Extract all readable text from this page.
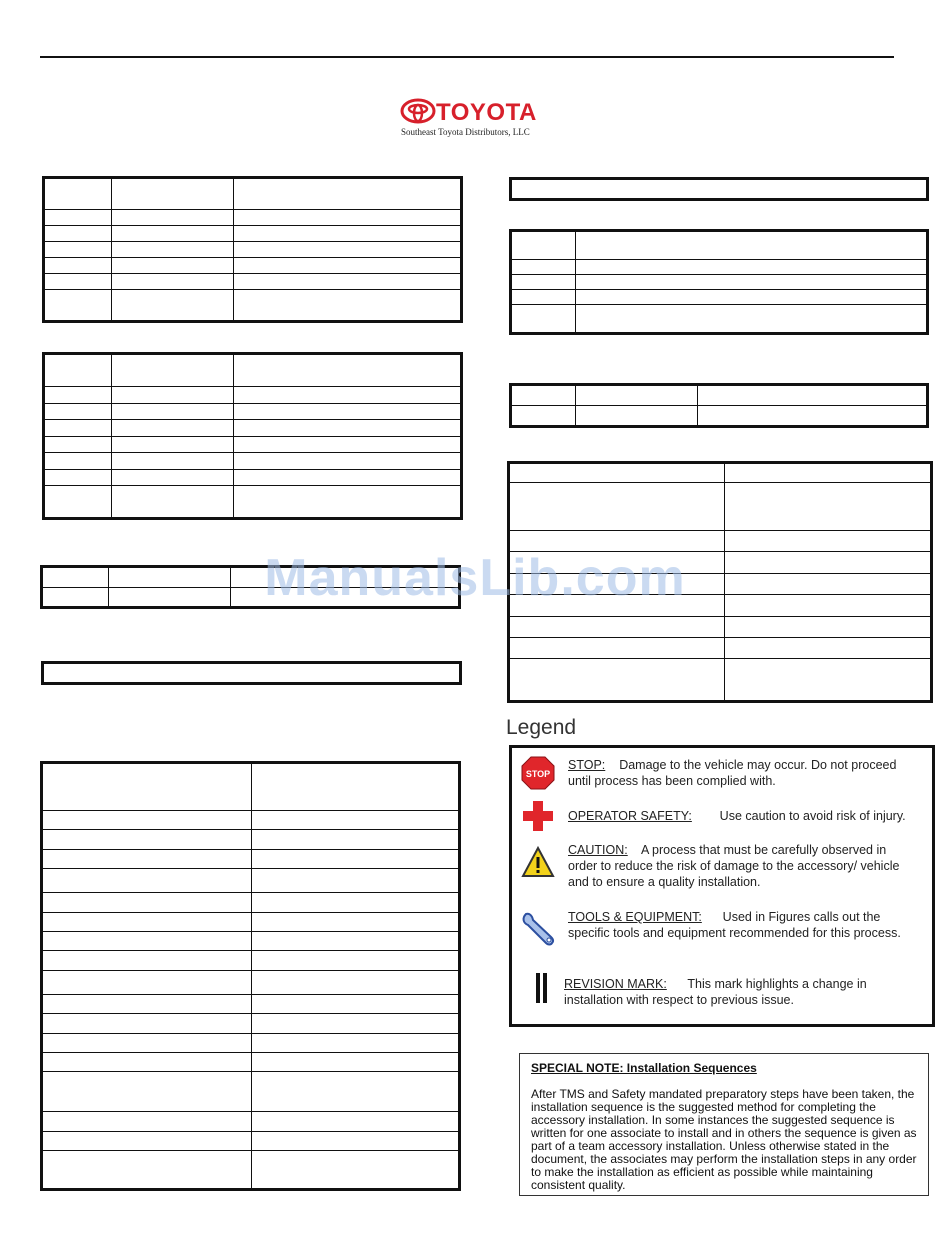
TOYOTA
Southeast Toyota Distributors, LLC

ManualsLib.com
Legend
STOP
STOP: Damage to the vehicle may occur. Do not proceed until process has been complied with.
OPERATOR SAFETY: Use caution to avoid risk of injury.
CAUTION: A process that must be carefully observed in order to reduce the risk of damage to the accessory/ vehicle and to ensure a quality installation.
TOOLS & EQUIPMENT: Used in Figures calls out the specific tools and equipment recommended for this process.
REVISION MARK: This mark highlights a change in installation with respect to previous issue.
SPECIAL NOTE: Installation Sequences
After TMS and Safety mandated preparatory steps have been taken, the installation sequence is the suggested method for completing the accessory installation. In some instances the suggested sequence is written for one associate to install and in others the sequence is given as part of a team accessory installation. Unless otherwise stated in the document, the associates may perform the installation steps in any order to make the installation as efficient as possible while maintaining consistent quality.
